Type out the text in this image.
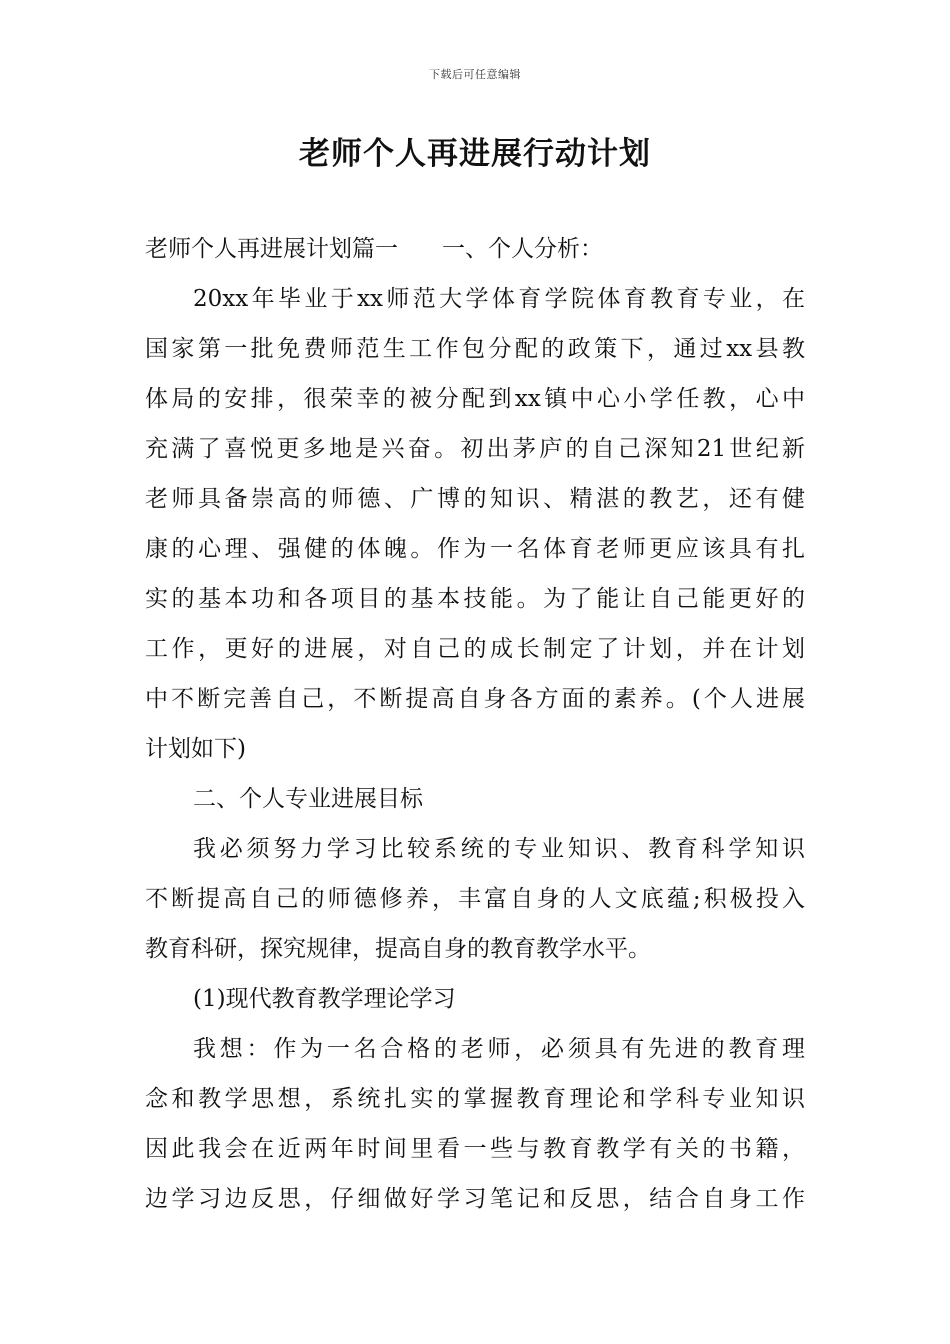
下载后可任意编辑
老师个人再进展行动计划
老师个人再进展计划篇一 一、个人分析：
20xx年毕业于xx师范大学体育学院体育教育专业，在
国家第一批免费师范生工作包分配的政策下，通过xx县教
体局的安排，很荣幸的被分配到xx镇中心小学任教，心中
充满了喜悦更多地是兴奋。初出茅庐的自己深知21世纪新
老师具备崇高的师德、广博的知识、精湛的教艺，还有健
康的心理、强健的体魄。作为一名体育老师更应该具有扎
实的基本功和各项目的基本技能。为了能让自己能更好的
工作，更好的进展，对自己的成长制定了计划，并在计划
中不断完善自己，不断提高自身各方面的素养。(个人进展
计划如下)
二、个人专业进展目标
我必须努力学习比较系统的专业知识、教育科学知识
不断提高自己的师德修养，丰富自身的人文底蕴;积极投入
教育科研，探究规律，提高自身的教育教学水平。
(1)现代教育教学理论学习
我想：作为一名合格的老师，必须具有先进的教育理
念和教学思想，系统扎实的掌握教育理论和学科专业知识
因此我会在近两年时间里看一些与教育教学有关的书籍，
边学习边反思，仔细做好学习笔记和反思，结合自身工作
